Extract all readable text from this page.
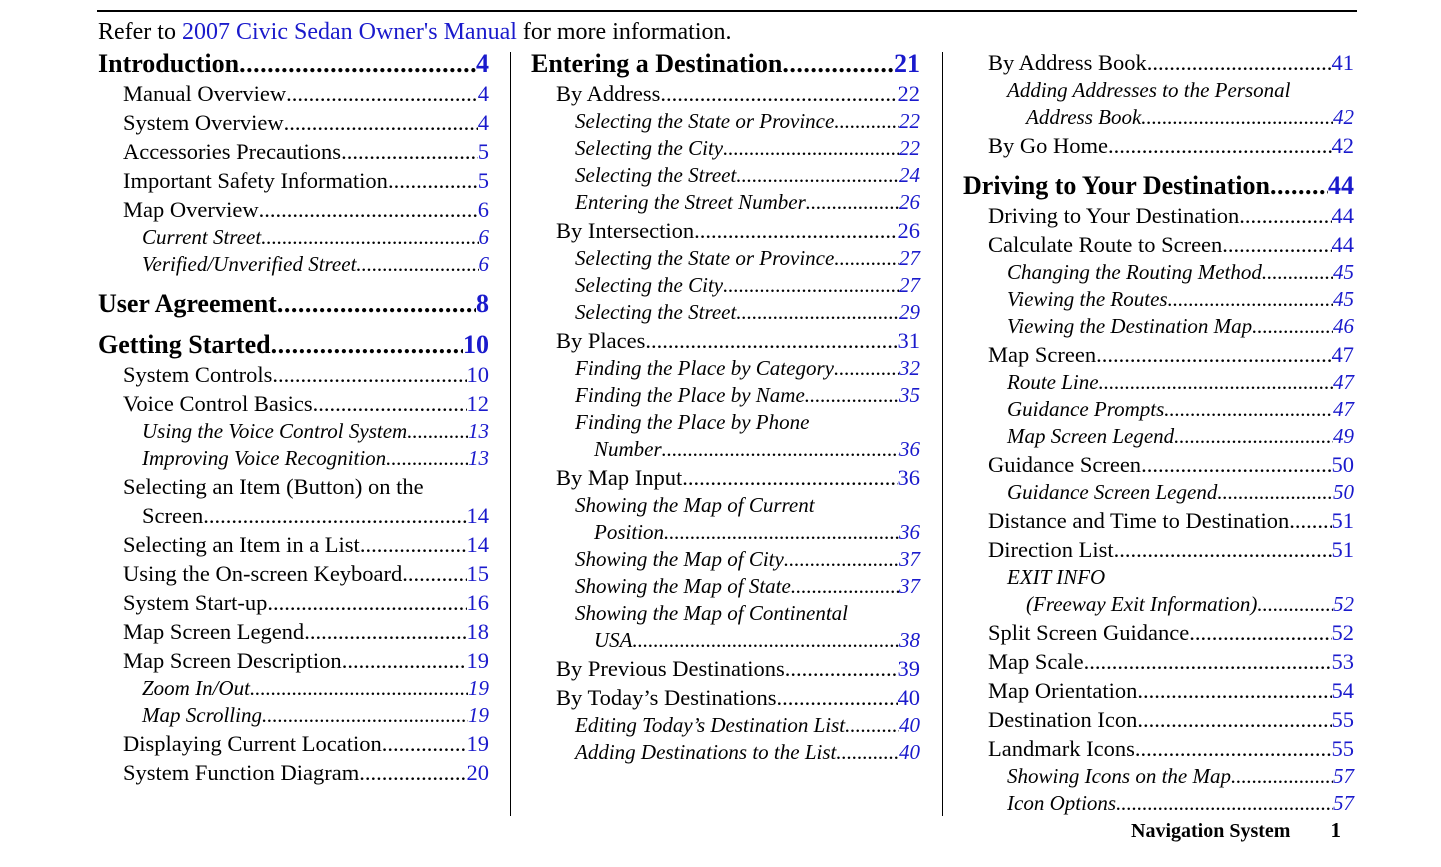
Refer to 2007 Civic Sedan Owner's Manual for more information.
Introduction .....	4
Manual Overview .....	4
System Overview .....	4
Accessories Precautions .....	5
Important Safety Information .....	5
Map Overview .....	6
Current Street .....	6
Verified/Unverified Street .....	6
User Agreement .....	8
Getting Started .....	10
System Controls .....	10
Voice Control Basics .....	12
Using the Voice Control System .....	13
Improving Voice Recognition .....	13
Selecting an Item (Button) on the
Screen .....	14
Selecting an Item in a List .....	14
Using the On-screen Keyboard .....	15
System Start-up .....	16
Map Screen Legend .....	18
Map Screen Description .....	19
Zoom In/Out .....	19
Map Scrolling .....	19
Displaying Current Location .....	19
System Function Diagram .....	20
Entering a Destination .....	21
By Address .....	22
Selecting the State or Province .....	22
Selecting the City .....	22
Selecting the Street .....	24
Entering the Street Number .....	26
By Intersection .....	26
Selecting the State or Province .....	27
Selecting the City .....	27
Selecting the Street .....	29
By Places .....	31
Finding the Place by Category .....	32
Finding the Place by Name .....	35
Finding the Place by Phone
Number .....	36
By Map Input .....	36
Showing the Map of Current
Position .....	36
Showing the Map of City .....	37
Showing the Map of State .....	37
Showing the Map of Continental
USA .....	38
By Previous Destinations .....	39
By Today’s Destinations .....	40
Editing Today’s Destination List .....	40
Adding Destinations to the List .....	40
By Address Book .....	41
Adding Addresses to the Personal
Address Book .....	42
By Go Home .....	42
Driving to Your Destination ..... 44
Driving to Your Destination .....	44
Calculate Route to Screen .....	44
Changing the Routing Method .....	45
Viewing the Routes .....	45
Viewing the Destination Map .....	46
Map Screen .....	47
Route Line .....	47
Guidance Prompts .....	47
Map Screen Legend .....	49
Guidance Screen .....	50
Guidance Screen Legend .....	50
Distance and Time to Destination ..... 51
Direction List .....	51
EXIT INFO
(Freeway Exit Information) .....	52
Split Screen Guidance .....	52
Map Scale .....	53
Map Orientation .....	54
Destination Icon .....	55
Landmark Icons .....	55
Showing Icons on the Map .....	57
Icon Options .....	57
Navigation System 1
